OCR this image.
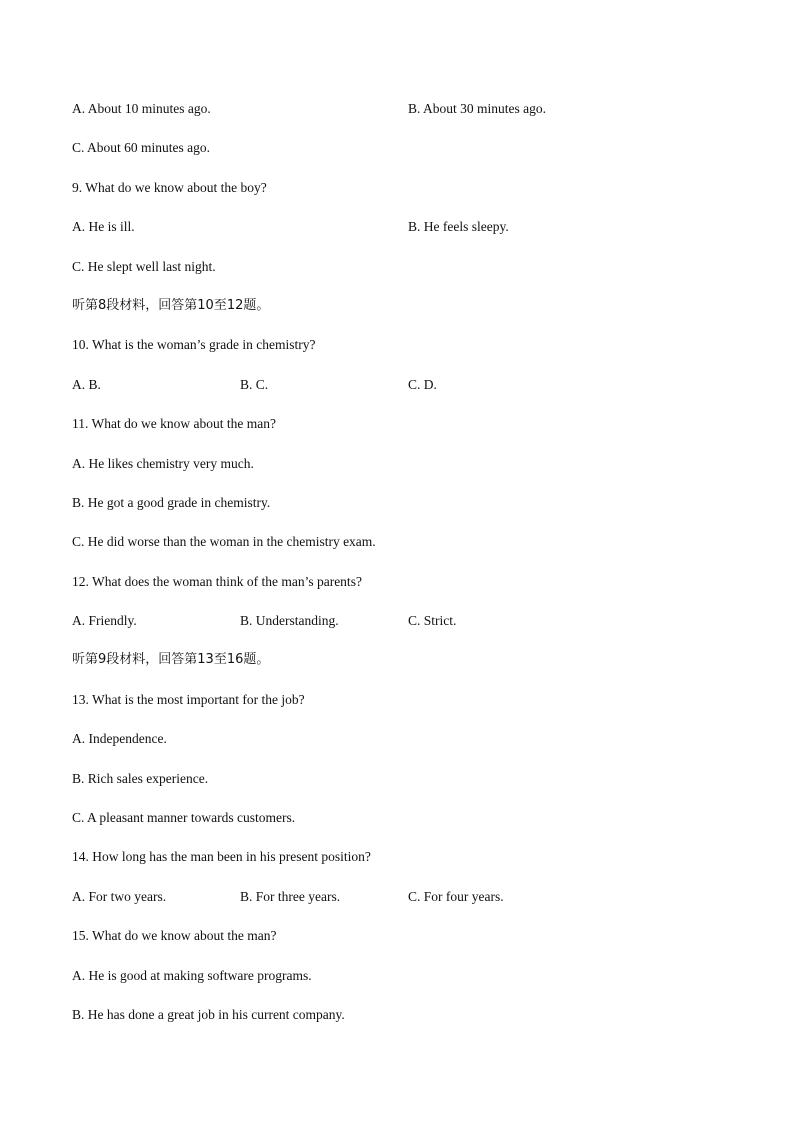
A. About 10 minutes ago.	B. About 30 minutes ago.
C. About 60 minutes ago.
9. What do we know about the boy?
A. He is ill.	B. He feels sleepy.
C. He slept well last night.
听第8段材料，回答第10至12题。
10. What is the woman’s grade in chemistry?
A. B.	B. C.	C. D.
11. What do we know about the man?
A. He likes chemistry very much.
B. He got a good grade in chemistry.
C. He did worse than the woman in the chemistry exam.
12. What does the woman think of the man’s parents?
A. Friendly.	B. Understanding.	C. Strict.
听第9段材料，回答第13至16题。
13. What is the most important for the job?
A. Independence.
B. Rich sales experience.
C. A pleasant manner towards customers.
14. How long has the man been in his present position?
A. For two years.	B. For three years.	C. For four years.
15. What do we know about the man?
A. He is good at making software programs.
B. He has done a great job in his current company.
